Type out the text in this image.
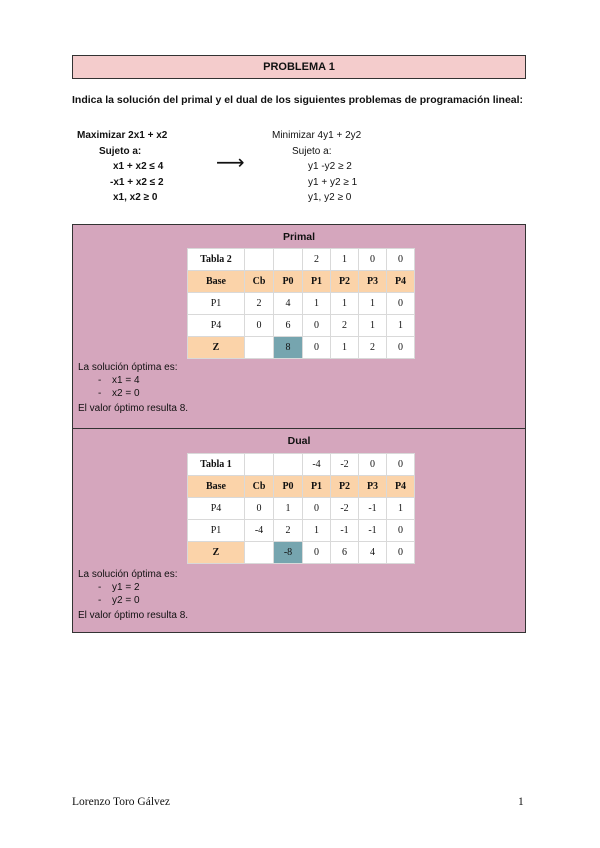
PROBLEMA 1
Indica la solución del primal y el dual de los siguientes problemas de programación lineal:
Maximizar 2x1 + x2
Sujeto a:
x1 + x2 ≤ 4
-x1 + x2 ≤ 2
x1, x2 ≥ 0
⟶
Minimizar 4y1 + 2y2
Sujeto a:
y1 -y2 ≥ 2
y1 + y2 ≥ 1
y1, y2 ≥ 0
Primal
Tabla 2			2	1	0	0
Base	Cb	P0	P1	P2	P3	P4
P1	2	4	1	1	1	0
P4	0	6	0	2	1	1
Z		8	0	1	2	0
La solución óptima es:
- x1 = 4
- x2 = 0
El valor óptimo resulta 8.
Dual
Tabla 1			-4	-2	0	0
Base	Cb	P0	P1	P2	P3	P4
P4	0	1	0	-2	-1	1
P1	-4	2	1	-1	-1	0
Z		-8	0	6	4	0
La solución óptima es:
- y1 = 2
- y2 = 0
El valor óptimo resulta 8.
Lorenzo Toro Gálvez	1
